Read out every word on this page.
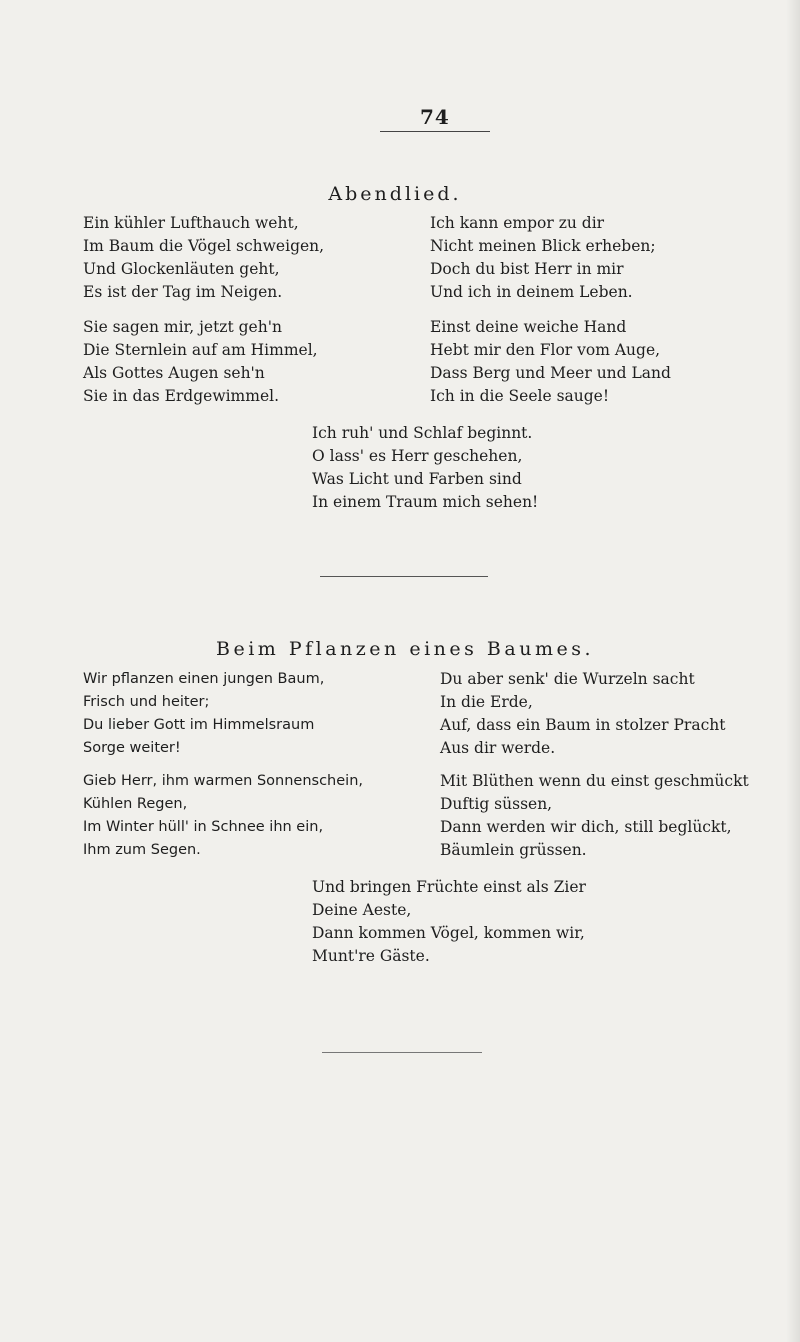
74
Abendlied.
Ein kühler Lufthauch weht,
Im Baum die Vögel schweigen,
Und Glockenläuten geht,
Es ist der Tag im Neigen.
Ich kann empor zu dir
Nicht meinen Blick erheben;
Doch du bist Herr in mir
Und ich in deinem Leben.
Sie sagen mir, jetzt geh'n
Die Sternlein auf am Himmel,
Als Gottes Augen seh'n
Sie in das Erdgewimmel.
Einst deine weiche Hand
Hebt mir den Flor vom Auge,
Dass Berg und Meer und Land
Ich in die Seele sauge!
Ich ruh' und Schlaf beginnt.
O lass' es Herr geschehen,
Was Licht und Farben sind
In einem Traum mich sehen!
Beim Pflanzen eines Baumes.
Wir pflanzen einen jungen Baum,
Frisch und heiter;
Du lieber Gott im Himmelsraum
Sorge weiter!
Du aber senk' die Wurzeln sacht
In die Erde,
Auf, dass ein Baum in stolzer Pracht
Aus dir werde.
Gieb Herr, ihm warmen Sonnenschein,
Kühlen Regen,
Im Winter hüll' in Schnee ihn ein,
Ihm zum Segen.
Mit Blüthen wenn du einst geschmückt
Duftig süssen,
Dann werden wir dich, still beglückt,
Bäumlein grüssen.
Und bringen Früchte einst als Zier
Deine Aeste,
Dann kommen Vögel, kommen wir,
Munt're Gäste.
